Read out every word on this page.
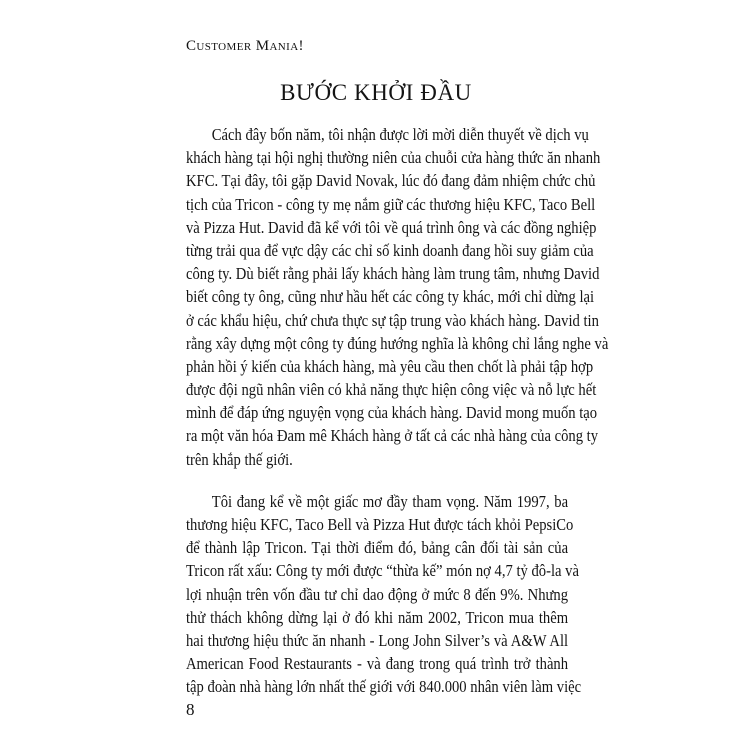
Customer Mania!
BƯỚC KHỞI ĐẦU
Cách đây bốn năm, tôi nhận được lời mời diễn thuyết về dịch vụ
khách hàng tại hội nghị thường niên của chuỗi cửa hàng thức ăn nhanh
KFC. Tại đây, tôi gặp David Novak, lúc đó đang đảm nhiệm chức chủ
tịch của Tricon - công ty mẹ nắm giữ các thương hiệu KFC, Taco Bell
và Pizza Hut. David đã kể với tôi về quá trình ông và các đồng nghiệp
từng trải qua để vực dậy các chỉ số kinh doanh đang hồi suy giảm của
công ty. Dù biết rằng phải lấy khách hàng làm trung tâm, nhưng David
biết công ty ông, cũng như hầu hết các công ty khác, mới chỉ dừng lại
ở các khẩu hiệu, chứ chưa thực sự tập trung vào khách hàng. David tin
rằng xây dựng một công ty đúng hướng nghĩa là không chỉ lắng nghe và
phản hồi ý kiến của khách hàng, mà yêu cầu then chốt là phải tập hợp
được đội ngũ nhân viên có khả năng thực hiện công việc và nỗ lực hết
mình để đáp ứng nguyện vọng của khách hàng. David mong muốn tạo
ra một văn hóa Đam mê Khách hàng ở tất cả các nhà hàng của công ty
trên khắp thế giới.
Tôi đang kể về một giấc mơ đầy tham vọng. Năm 1997, ba
thương hiệu KFC, Taco Bell và Pizza Hut được tách khỏi PepsiCo
để thành lập Tricon. Tại thời điểm đó, bảng cân đối tài sản của
Tricon rất xấu: Công ty mới được “thừa kế” món nợ 4,7 tỷ đô-la và
lợi nhuận trên vốn đầu tư chỉ dao động ở mức 8 đến 9%. Nhưng
thử thách không dừng lại ở đó khi năm 2002, Tricon mua thêm
hai thương hiệu thức ăn nhanh - Long John Silver’s và A&W All
American Food Restaurants - và đang trong quá trình trở thành
tập đoàn nhà hàng lớn nhất thế giới với 840.000 nhân viên làm việc
8
